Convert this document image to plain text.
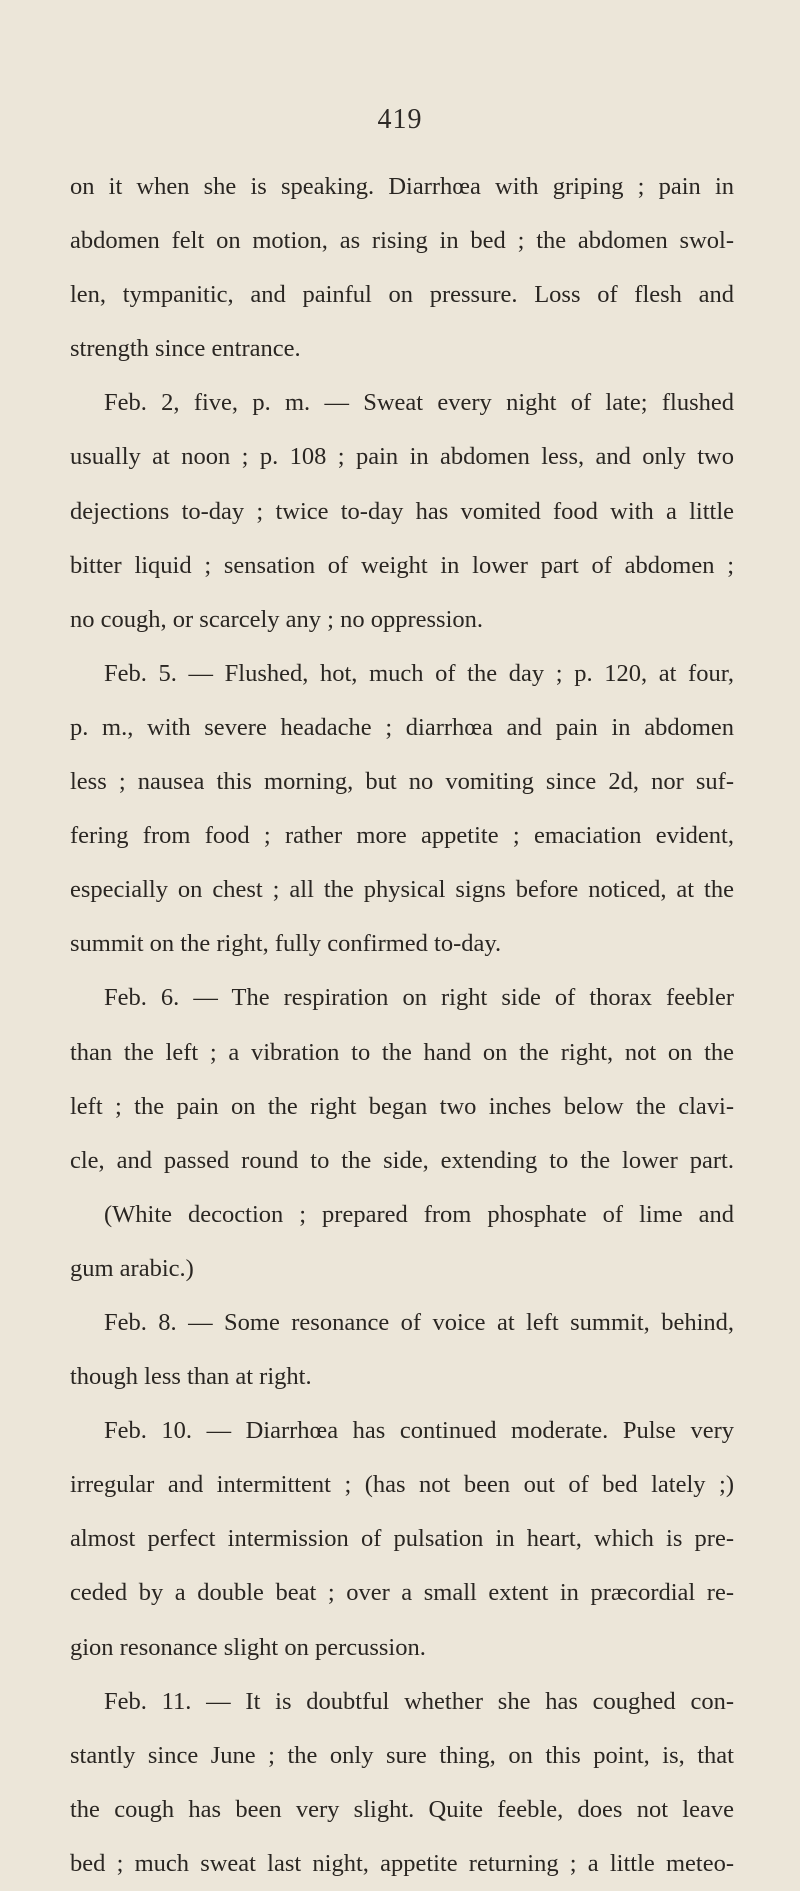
419
on it when she is speaking. Diarrhœa with griping ; pain in
abdomen felt on motion, as rising in bed ; the abdomen swol-
len, tympanitic, and painful on pressure. Loss of flesh and
strength since entrance.
Feb. 2, five, p. m. — Sweat every night of late; flushed
usually at noon ; p. 108 ; pain in abdomen less, and only two
dejections to-day ; twice to-day has vomited food with a little
bitter liquid ; sensation of weight in lower part of abdomen ;
no cough, or scarcely any ; no oppression.
Feb. 5. — Flushed, hot, much of the day ; p. 120, at four,
p. m., with severe headache ; diarrhœa and pain in abdomen
less ; nausea this morning, but no vomiting since 2d, nor suf-
fering from food ; rather more appetite ; emaciation evident,
especially on chest ; all the physical signs before noticed, at the
summit on the right, fully confirmed to-day.
Feb. 6. — The respiration on right side of thorax feebler
than the left ; a vibration to the hand on the right, not on the
left ; the pain on the right began two inches below the clavi-
cle, and passed round to the side, extending to the lower part.
(White decoction ; prepared from phosphate of lime and
gum arabic.)
Feb. 8. — Some resonance of voice at left summit, behind,
though less than at right.
Feb. 10. — Diarrhœa has continued moderate. Pulse very
irregular and intermittent ; (has not been out of bed lately ;)
almost perfect intermission of pulsation in heart, which is pre-
ceded by a double beat ; over a small extent in præcordial re-
gion resonance slight on percussion.
Feb. 11. — It is doubtful whether she has coughed con-
stantly since June ; the only sure thing, on this point, is, that
the cough has been very slight. Quite feeble, does not leave
bed ; much sweat last night, appetite returning ; a little meteo-
